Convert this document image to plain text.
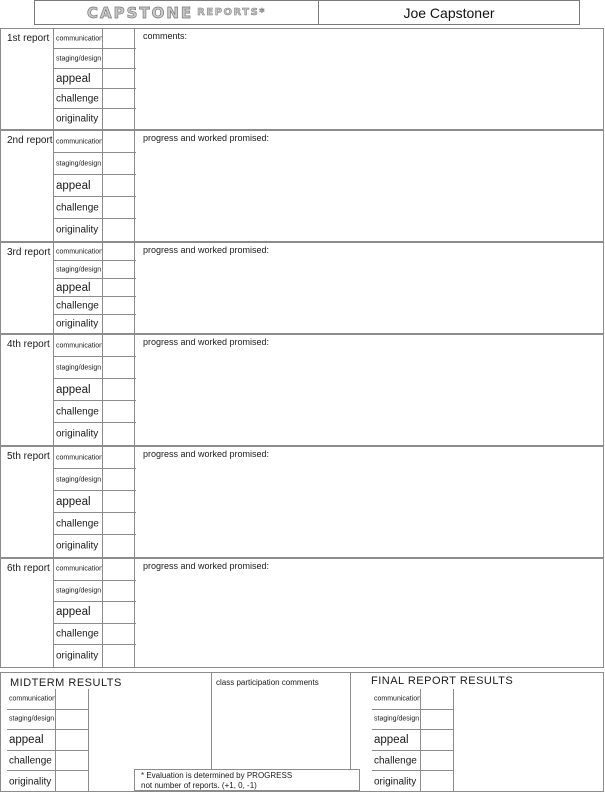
CAPSTONE REPORTS*	Joe Capstoner
1st report communication
staging/design
appeal
challenge
originality
comments:
2nd report communication
staging/design
appeal
challenge
originality
progress and worked promised:
3rd report communication
staging/design
appeal
challenge
originality
progress and worked promised:
4th report communication
staging/design
appeal
challenge
originality
progress and worked promised:
5th report communication
staging/design
appeal
challenge
originality
progress and worked promised:
6th report communication
staging/design
appeal
challenge
originality
progress and worked promised:
MIDTERM RESULTS
communication
staging/design
appeal
challenge
originality
class participation comments	FINAL REPORT RESULTS
communication
staging/design
appeal
challenge
originality
* Evaluation is determined by PROGRESS
not number of reports. (+1, 0, -1)
